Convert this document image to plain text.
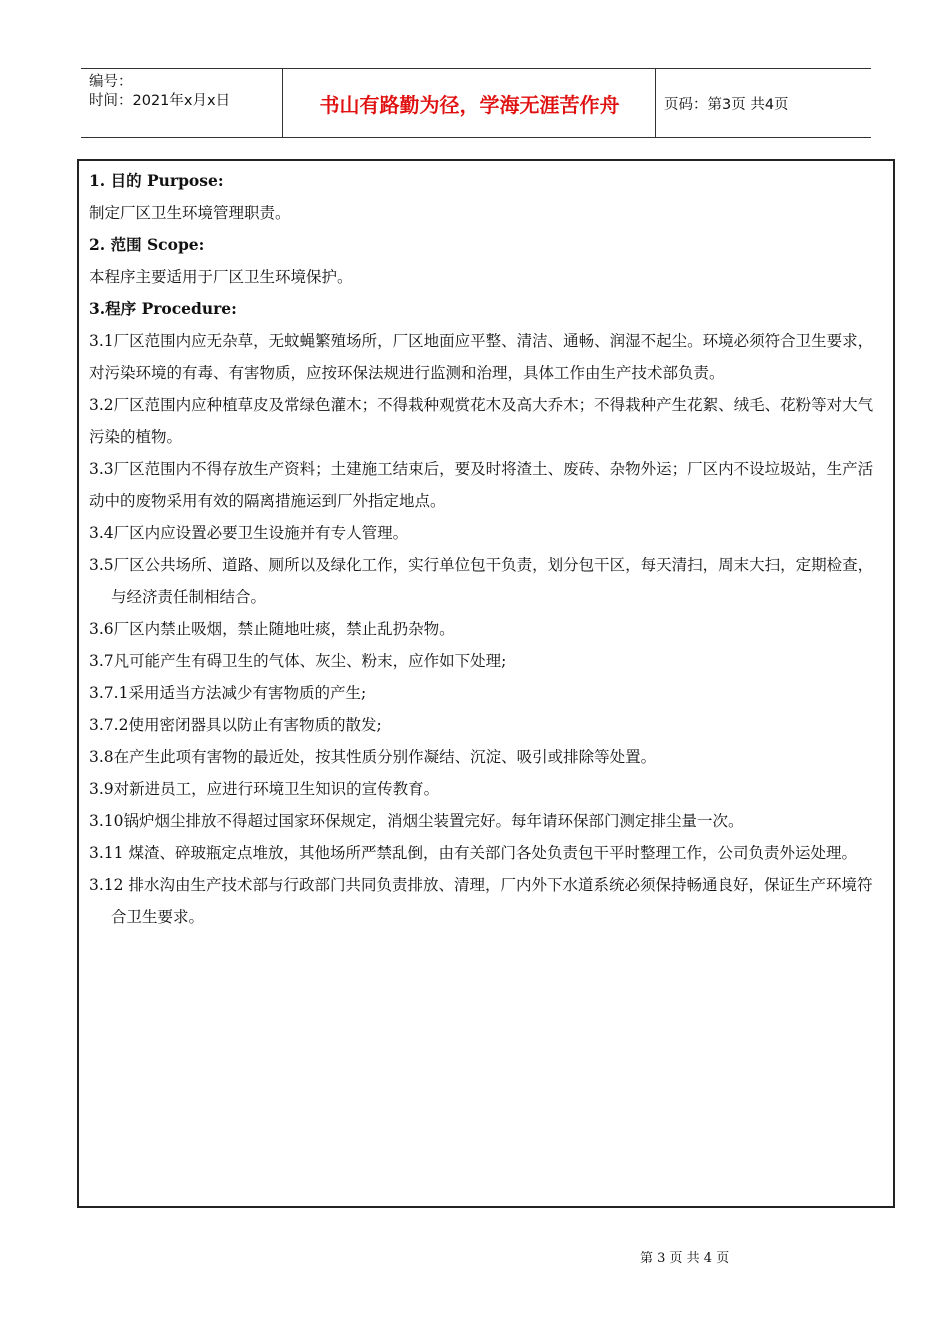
编号：
时间：2021年x月x日	书山有路勤为径，学海无涯苦作舟	页码：第3页 共4页

1. 目的 Purpose:

制定厂区卫生环境管理职责。

2. 范围 Scope:

本程序主要适用于厂区卫生环境保护。

3.程序 Procedure:

3.1厂区范围内应无杂草，无蚊蝇繁殖场所，厂区地面应平整、清洁、通畅、润湿不起尘。环境必须符合卫生要求，对污染环境的有毒、有害物质，应按环保法规进行监测和治理，具体工作由生产技术部负责。

3.2厂区范围内应种植草皮及常绿色灌木；不得栽种观赏花木及高大乔木；不得栽种产生花絮、绒毛、花粉等对大气污染的植物。

3.3厂区范围内不得存放生产资料；土建施工结束后，要及时将渣土、废砖、杂物外运；厂区内不设垃圾站，生产活动中的废物采用有效的隔离措施运到厂外指定地点。

3.4厂区内应设置必要卫生设施并有专人管理。

3.5厂区公共场所、道路、厕所以及绿化工作，实行单位包干负责，划分包干区，每天清扫，周末大扫，定期检查，与经济责任制相结合。

3.6厂区内禁止吸烟，禁止随地吐痰，禁止乱扔杂物。

3.7凡可能产生有碍卫生的气体、灰尘、粉末，应作如下处理;

3.7.1采用适当方法减少有害物质的产生;

3.7.2使用密闭器具以防止有害物质的散发;

3.8在产生此项有害物的最近处，按其性质分别作凝结、沉淀、吸引或排除等处置。

3.9对新进员工，应进行环境卫生知识的宣传教育。

3.10锅炉烟尘排放不得超过国家环保规定，消烟尘装置完好。每年请环保部门测定排尘量一次。

3.11 煤渣、碎玻瓶定点堆放，其他场所严禁乱倒，由有关部门各处负责包干平时整理工作，公司负责外运处理。

3.12 排水沟由生产技术部与行政部门共同负责排放、清理，厂内外下水道系统必须保持畅通良好，保证生产环境符合卫生要求。

第 3 页 共 4 页
